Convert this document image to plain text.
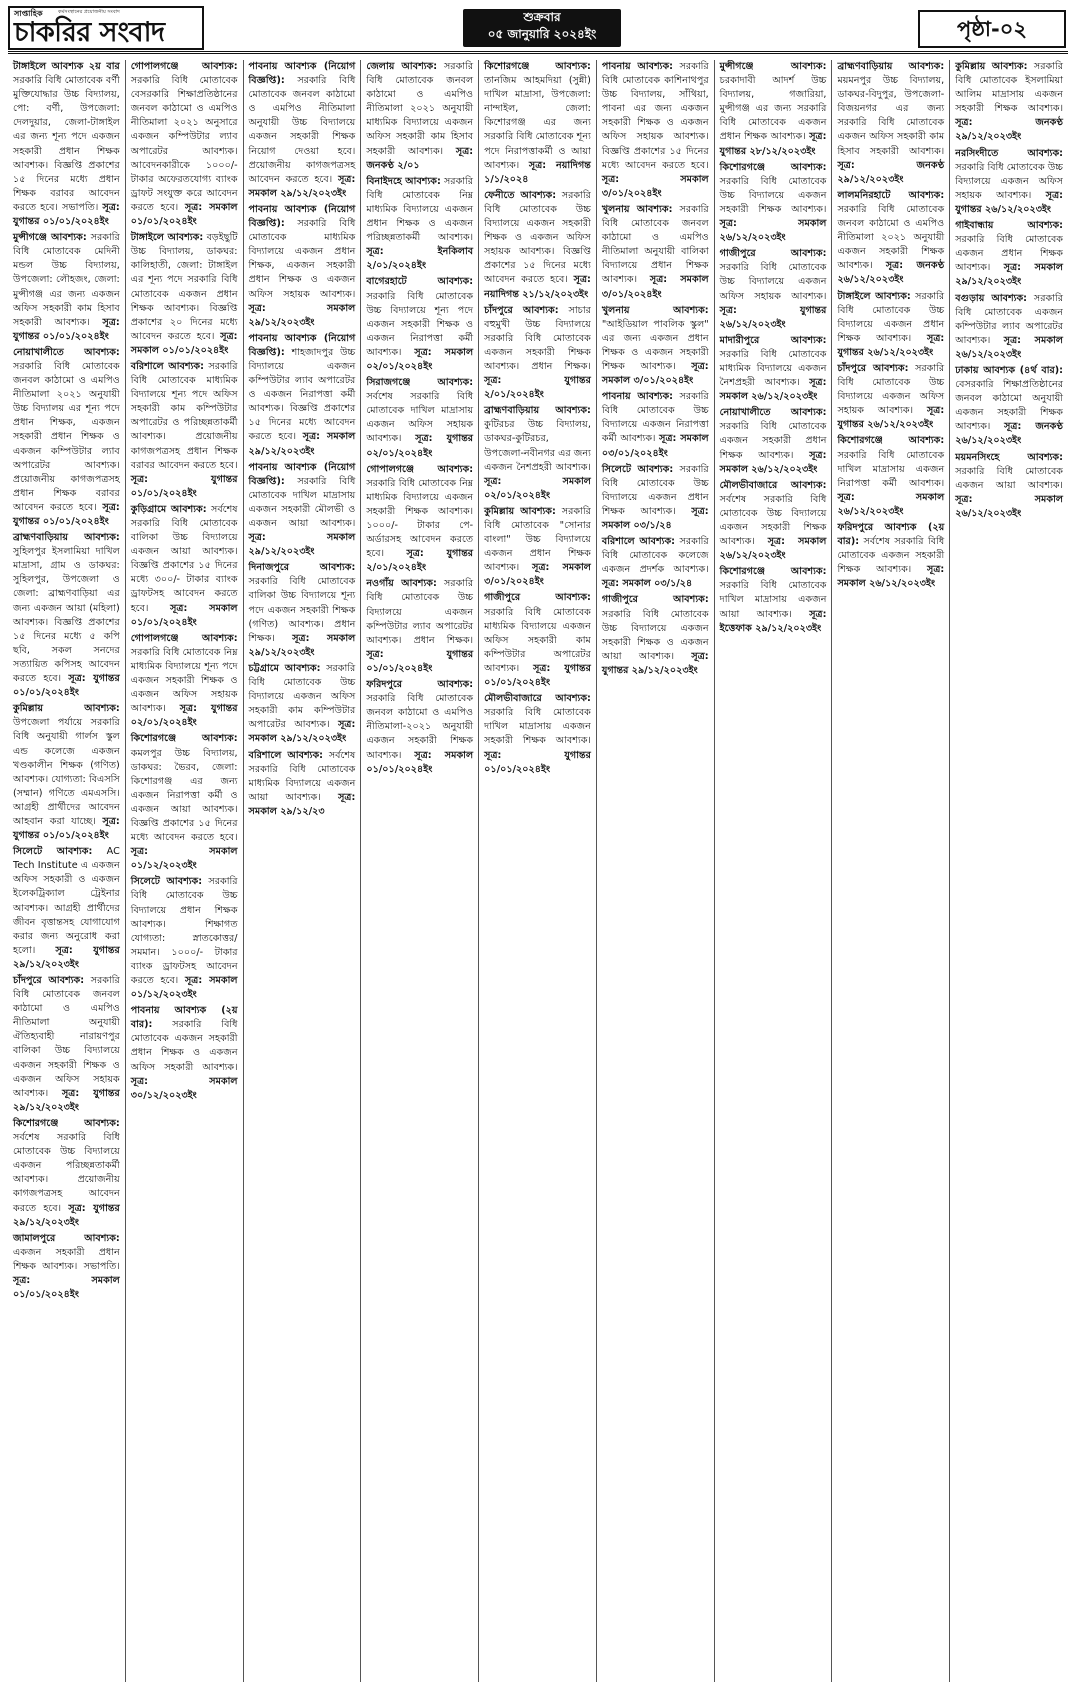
সাপ্তাহিক	কর্মসংস্থানের প্রয়োজনীয় সংবাদ
চাকরির সংবাদ	শুক্রবার
০৫ জানুয়ারি ২০২৪ইং	পৃষ্ঠা-০২
টাঙ্গাইলে আবশ্যক ২য় বার সরকারি বিধি মোতাবেক বর্ণী মুক্তিযোদ্ধার উচ্চ বিদ্যালয়, পো: বর্ণী, উপজেলা: দেলদুয়ার, জেলা-টাঙ্গাইল এর জন্য শূন্য পদে একজন সহকারী প্রধান শিক্ষক আবশ্যক। বিজ্ঞপ্তি প্রকাশের ১৫ দিনের মধ্যে প্রধান শিক্ষক বরাবর আবেদন করতে হবে। সভাপতি। সূত্র: যুগান্তর ০১/০১/২০২৪ইং
মুন্সীগঞ্জে আবশ্যক: সরকারি বিধি মোতাবেক মেদিনী মন্ডল উচ্চ বিদ্যালয়, উপজেলা: লৌহজং, জেলা: মুন্সীগঞ্জ এর জন্য একজন অফিস সহকারী কাম হিসাব সহকারী আবশ্যক। সূত্র: যুগান্তর ০১/০১/২০২৪ইং
নোয়াখালীতে আবশ্যক: সরকারি বিধি মোতাবেক জনবল কাঠামো ও এমপিও নীতিমালা ২০২১ অনুযায়ী উচ্চ বিদ্যালয় এর শূন্য পদে প্রধান শিক্ষক, একজন সহকারী প্রধান শিক্ষক ও একজন কম্পিউটার ল্যাব অপারেটর আবশ্যক। প্রয়োজনীয় কাগজপত্রসহ প্রধান শিক্ষক বরাবর আবেদন করতে হবে। সূত্র: যুগান্তর ০১/০১/২০২৪ইং
ব্রাহ্মণবাড়িয়ায় আবশ্যক: সুহিলপুর ইসলামিয়া দাখিল মাদ্রাসা, গ্রাম ও ডাকঘর: সুহিলপুর, উপজেলা ও জেলা: ব্রাহ্মণবাড়িয়া এর জন্য একজন আয়া (মহিলা) আবশ্যক। বিজ্ঞপ্তি প্রকাশের ১৫ দিনের মধ্যে ৫ কপি ছবি, সকল সনদের সত্যায়িত কপিসহ আবেদন করতে হবে। সূত্র: যুগান্তর ০১/০১/২০২৪ইং
কুমিল্লায় আবশ্যক: উপজেলা পর্যায়ে সরকারি বিধি অনুযায়ী গার্লস স্কুল এন্ড কলেজে একজন খণ্ডকালীন শিক্ষক (গণিত) আবশ্যক। যোগ্যতা: বিএসসি (সম্মান) গণিতে এমএসসি। আগ্রহী প্রার্থীদের আবেদন আহবান করা যাচ্ছে। সূত্র: যুগান্তর ০১/০১/২০২৪ইং
সিলেটে আবশ্যক: AC Tech Institute এ একজন অফিস সহকারী ও একজন ইলেকট্রিক্যাল ট্রেইনার আবশ্যক। আগ্রহী প্রার্থীদের জীবন বৃত্তান্তসহ যোগাযোগ করার জন্য অনুরোধ করা হলো। সূত্র: যুগান্তর ২৯/১২/২০২৩ইং
চাঁদপুরে আবশ্যক: সরকারি বিধি মোতাবেক জনবল কাঠামো ও এমপিও নীতিমালা অনুযায়ী ঐতিহ্যবাহী নারায়ণপুর বালিকা উচ্চ বিদ্যালয়ে একজন সহকারী শিক্ষক ও একজন অফিস সহায়ক আবশ্যক। সূত্র: যুগান্তর ২৯/১২/২০২৩ইং
কিশোরগঞ্জে আবশ্যক: সর্বশেষ সরকারি বিধি মোতাবেক উচ্চ বিদ্যালয়ে একজন পরিচ্ছন্নতাকর্মী আবশ্যক। প্রয়োজনীয় কাগজপত্রসহ আবেদন করতে হবে। সূত্র: যুগান্তর ২৯/১২/২০২৩ইং
জামালপুরে আবশ্যক: একজন সহকারী প্রধান শিক্ষক আবশ্যক। সভাপতি। সূত্র: সমকাল ০১/০১/২০২৪ইং
গোপালগঞ্জে আবশ্যক: সরকারি বিধি মোতাবেক বেসরকারি শিক্ষাপ্রতিষ্ঠানের জনবল কাঠামো ও এমপিও নীতিমালা ২০২১ অনুসারে একজন কম্পিউটার ল্যাব অপারেটর আবশ্যক। আবেদনকারীকে ১০০০/- টাকার অফেরতযোগ্য ব্যাংক ড্রাফট সংযুক্ত করে আবেদন করতে হবে। সূত্র: সমকাল ০১/০১/২০২৪ইং
টাঙ্গাইলে আবশ্যক: বড়ইছুটি উচ্চ বিদ্যালয়, ডাকঘর: কালিহাতী, জেলা: টাঙ্গাইল এর শূন্য পদে সরকারি বিধি মোতাবেক একজন প্রধান শিক্ষক আবশ্যক। বিজ্ঞপ্তি প্রকাশের ২০ দিনের মধ্যে আবেদন করতে হবে। সূত্র: সমকাল ০১/০১/২০২৪ইং
বরিশালে আবশ্যক: সরকারি বিধি মোতাবেক মাধ্যমিক বিদ্যালয়ে শূন্য পদে অফিস সহকারী কাম কম্পিউটার অপারেটর ও পরিচ্ছন্নতাকর্মী আবশ্যক। প্রয়োজনীয় কাগজপত্রসহ প্রধান শিক্ষক বরাবর আবেদন করতে হবে। সূত্র: যুগান্তর ০১/০১/২০২৪ইং
কুড়িগ্রামে আবশ্যক: সর্বশেষ সরকারি বিধি মোতাবেক বালিকা উচ্চ বিদ্যালয়ে একজন আয়া আবশ্যক। বিজ্ঞপ্তি প্রকাশের ১৫ দিনের মধ্যে ৩০০/- টাকার ব্যাংক ড্রাফটসহ আবেদন করতে হবে। সূত্র: সমকাল ০১/০১/২০২৪ইং
গোপালগঞ্জে আবশ্যক: সরকারি বিধি মোতাবেক নিম্ন মাধ্যমিক বিদ্যালয়ে শূন্য পদে একজন সহকারী শিক্ষক ও একজন অফিস সহায়ক আবশ্যক। সূত্র: যুগান্তর ০২/০১/২০২৪ইং
কিশোরগঞ্জে আবশ্যক: কমলপুর উচ্চ বিদ্যালয়, ডাকঘর: ভৈরব, জেলা: কিশোরগঞ্জ এর জন্য একজন নিরাপত্তা কর্মী ও একজন আয়া আবশ্যক। বিজ্ঞপ্তি প্রকাশের ১৫ দিনের মধ্যে আবেদন করতে হবে। সূত্র: সমকাল ০১/১২/২০২৩ইং
সিলেটে আবশ্যক: সরকারি বিধি মোতাবেক উচ্চ বিদ্যালয়ে প্রধান শিক্ষক আবশ্যক। শিক্ষাগত যোগ্যতা: স্নাতকোত্তর/সমমান। ১০০০/- টাকার ব্যাংক ড্রাফটসহ আবেদন করতে হবে। সূত্র: সমকাল ০১/১২/২০২৩ইং
পাবনায় আবশ্যক (২য় বার): সরকারি বিধি মোতাবেক একজন সহকারী প্রধান শিক্ষক ও একজন অফিস সহকারী আবশ্যক। সূত্র: সমকাল ৩০/১২/২০২৩ইং
পাবনায় আবশ্যক (নিয়োগ বিজ্ঞপ্তি): সরকারি বিধি মোতাবেক জনবল কাঠামো ও এমপিও নীতিমালা অনুযায়ী উচ্চ বিদ্যালয়ে একজন সহকারী শিক্ষক নিয়োগ দেওয়া হবে। প্রয়োজনীয় কাগজপত্রসহ আবেদন করতে হবে। সূত্র: সমকাল ২৯/১২/২০২৩ইং
পাবনায় আবশ্যক (নিয়োগ বিজ্ঞপ্তি): সরকারি বিধি মোতাবেক মাধ্যমিক বিদ্যালয়ে একজন প্রধান শিক্ষক, একজন সহকারী প্রধান শিক্ষক ও একজন অফিস সহায়ক আবশ্যক। সূত্র: সমকাল ২৯/১২/২০২৩ইং
পাবনায় আবশ্যক (নিয়োগ বিজ্ঞপ্তি): শাহজাদপুর উচ্চ বিদ্যালয়ে একজন কম্পিউটার ল্যাব অপারেটর ও একজন নিরাপত্তা কর্মী আবশ্যক। বিজ্ঞপ্তি প্রকাশের ১৫ দিনের মধ্যে আবেদন করতে হবে। সূত্র: সমকাল ২৯/১২/২০২৩ইং
পাবনায় আবশ্যক (নিয়োগ বিজ্ঞপ্তি): সরকারি বিধি মোতাবেক দাখিল মাদ্রাসায় একজন সহকারী মৌলভী ও একজন আয়া আবশ্যক। সূত্র: সমকাল ২৯/১২/২০২৩ইং
দিনাজপুরে আবশ্যক: সরকারি বিধি মোতাবেক বালিকা উচ্চ বিদ্যালয়ে শূন্য পদে একজন সহকারী শিক্ষক (গণিত) আবশ্যক। প্রধান শিক্ষক। সূত্র: সমকাল ২৯/১২/২০২৩ইং
চট্টগ্রামে আবশ্যক: সরকারি বিধি মোতাবেক উচ্চ বিদ্যালয়ে একজন অফিস সহকারী কাম কম্পিউটার অপারেটর আবশ্যক। সূত্র: সমকাল ২৯/১২/২০২৩ইং
বরিশালে আবশ্যক: সর্বশেষ সরকারি বিধি মোতাবেক মাধ্যমিক বিদ্যালয়ে একজন আয়া আবশ্যক। সূত্র: সমকাল ২৯/১২/২৩
জেলায় আবশ্যক: সরকারি বিধি মোতাবেক জনবল কাঠামো ও এমপিও নীতিমালা ২০২১ অনুযায়ী মাধ্যমিক বিদ্যালয়ে একজন অফিস সহকারী কাম হিসাব সহকারী আবশ্যক। সূত্র: জনকণ্ঠ ২/০১
বিনাইদহে আবশ্যক: সরকারি বিধি মোতাবেক নিম্ন মাধ্যমিক বিদ্যালয়ে একজন প্রধান শিক্ষক ও একজন পরিচ্ছন্নতাকর্মী আবশ্যক। সূত্র: ইনকিলাব ২/০১/২০২৪ইং
বাগেরহাটে আবশ্যক: সরকারি বিধি মোতাবেক উচ্চ বিদ্যালয়ে শূন্য পদে একজন সহকারী শিক্ষক ও একজন নিরাপত্তা কর্মী আবশ্যক। সূত্র: সমকাল ০২/০১/২০২৪ইং
সিরাজগঞ্জে আবশ্যক: সর্বশেষ সরকারি বিধি মোতাবেক দাখিল মাদ্রাসায় একজন অফিস সহায়ক আবশ্যক। সূত্র: যুগান্তর ০২/০১/২০২৪ইং
গোপালগঞ্জে আবশ্যক: সরকারি বিধি মোতাবেক নিম্ন মাধ্যমিক বিদ্যালয়ে একজন সহকারী শিক্ষক আবশ্যক। ১০০০/- টাকার পে-অর্ডারসহ আবেদন করতে হবে। সূত্র: যুগান্তর ২/০১/২০২৪ইং
নওগাঁয় আবশ্যক: সরকারি বিধি মোতাবেক উচ্চ বিদ্যালয়ে একজন কম্পিউটার ল্যাব অপারেটর আবশ্যক। প্রধান শিক্ষক। সূত্র: যুগান্তর ০১/০১/২০২৪ইং
ফরিদপুরে আবশ্যক: সরকারি বিধি মোতাবেক জনবল কাঠামো ও এমপিও নীতিমালা-২০২১ অনুযায়ী একজন সহকারী শিক্ষক আবশ্যক। সূত্র: সমকাল ০১/০১/২০২৪ইং
কিশোরগঞ্জে আবশ্যক: তানজিম আহমদিয়া (সুন্নী) দাখিল মাদ্রাসা, উপজেলা: নান্দাইল, জেলা: কিশোরগঞ্জ এর জন্য সরকারি বিধি মোতাবেক শূন্য পদে নিরাপত্তাকর্মী ও আয়া আবশ্যক। সূত্র: নয়াদিগন্ত ১/১/২০২৪
ফেনীতে আবশ্যক: সরকারি বিধি মোতাবেক উচ্চ বিদ্যালয়ে একজন সহকারী শিক্ষক ও একজন অফিস সহায়ক আবশ্যক। বিজ্ঞপ্তি প্রকাশের ১৫ দিনের মধ্যে আবেদন করতে হবে। সূত্র: নয়াদিগন্ত ২১/১২/২০২৩ইং
চাঁদপুরে আবশ্যক: সাচার বহুমুখী উচ্চ বিদ্যালয়ে সরকারি বিধি মোতাবেক একজন সহকারী শিক্ষক আবশ্যক। প্রধান শিক্ষক। সূত্র: যুগান্তর ২/০১/২০২৪ইং
ব্রাহ্মণবাড়িয়ায় আবশ্যক: কুটিরচর উচ্চ বিদ্যালয়, ডাকঘর-কুটিরচর, উপজেলা-নবীনগর এর জন্য একজন নৈশপ্রহরী আবশ্যক। সূত্র: সমকাল ০২/০১/২০২৪ইং
কুমিল্লায় আবশ্যক: সরকারি বিধি মোতাবেক "সোনার বাংলা" উচ্চ বিদ্যালয়ে একজন প্রধান শিক্ষক আবশ্যক। সূত্র: সমকাল ৩/০১/২০২৪ইং
গাজীপুরে আবশ্যক: সরকারি বিধি মোতাবেক মাধ্যমিক বিদ্যালয়ে একজন অফিস সহকারী কাম কম্পিউটার অপারেটর আবশ্যক। সূত্র: যুগান্তর ০১/০১/২০২৪ইং
মৌলভীবাজারে আবশ্যক: সরকারি বিধি মোতাবেক দাখিল মাদ্রাসায় একজন সহকারী শিক্ষক আবশ্যক। সূত্র: যুগান্তর ০১/০১/২০২৪ইং
পাবনায় আবশ্যক: সরকারি বিধি মোতাবেক কাশিনাথপুর উচ্চ বিদ্যালয়, সাঁথিয়া, পাবনা এর জন্য একজন সহকারী শিক্ষক ও একজন অফিস সহায়ক আবশ্যক। বিজ্ঞপ্তি প্রকাশের ১৫ দিনের মধ্যে আবেদন করতে হবে। সূত্র: সমকাল ৩/০১/২০২৪ইং
খুলনায় আবশ্যক: সরকারি বিধি মোতাবেক জনবল কাঠামো ও এমপিও নীতিমালা অনুযায়ী বালিকা বিদ্যালয়ে প্রধান শিক্ষক আবশ্যক। সূত্র: সমকাল ৩/০১/২০২৪ইং
খুলনায় আবশ্যক: "আইডিয়াল পাবলিক স্কুল" এর জন্য একজন প্রধান শিক্ষক ও একজন সহকারী শিক্ষক আবশ্যক। সূত্র: সমকাল ৩/০১/২০২৪ইং
পাবনায় আবশ্যক: সরকারি বিধি মোতাবেক উচ্চ বিদ্যালয়ে একজন নিরাপত্তা কর্মী আবশ্যক। সূত্র: সমকাল ০৩/০১/২০২৪ইং
সিলেটে আবশ্যক: সরকারি বিধি মোতাবেক উচ্চ বিদ্যালয়ে একজন প্রধান শিক্ষক আবশ্যক। সূত্র: সমকাল ০৩/১/২৪
বরিশালে আবশ্যক: সরকারি বিধি মোতাবেক কলেজে একজন প্রদর্শক আবশ্যক। সূত্র: সমকাল ০৩/১/২৪
গাজীপুরে আবশ্যক: সরকারি বিধি মোতাবেক উচ্চ বিদ্যালয়ে একজন সহকারী শিক্ষক ও একজন আয়া আবশ্যক। সূত্র: যুগান্তর ২৯/১২/২০২৩ইং
মুন্সীগঞ্জে আবশ্যক: চরকাদাবী আদর্শ উচ্চ বিদ্যালয়, গজারিয়া, মুন্সীগঞ্জ এর জন্য সরকারি বিধি মোতাবেক একজন প্রধান শিক্ষক আবশ্যক। সূত্র: যুগান্তর ২৮/১২/২০২৩ইং
কিশোরগঞ্জে আবশ্যক: সরকারি বিধি মোতাবেক উচ্চ বিদ্যালয়ে একজন সহকারী শিক্ষক আবশ্যক। সূত্র: সমকাল ২৬/১২/২০২৩ইং
গাজীপুরে আবশ্যক: সরকারি বিধি মোতাবেক উচ্চ বিদ্যালয়ে একজন অফিস সহায়ক আবশ্যক। সূত্র: যুগান্তর ২৬/১২/২০২৩ইং
মাদারীপুরে আবশ্যক: সরকারি বিধি মোতাবেক মাধ্যমিক বিদ্যালয়ে একজন নৈশপ্রহরী আবশ্যক। সূত্র: সমকাল ২৬/১২/২০২৩ইং
নোয়াখালীতে আবশ্যক: সরকারি বিধি মোতাবেক একজন সহকারী প্রধান শিক্ষক আবশ্যক। সূত্র: সমকাল ২৬/১২/২০২৩ইং
মৌলভীবাজারে আবশ্যক: সর্বশেষ সরকারি বিধি মোতাবেক উচ্চ বিদ্যালয়ে একজন সহকারী শিক্ষক আবশ্যক। সূত্র: সমকাল ২৬/১২/২০২৩ইং
কিশোরগঞ্জে আবশ্যক: সরকারি বিধি মোতাবেক দাখিল মাদ্রাসায় একজন আয়া আবশ্যক। সূত্র: ইত্তেফাক ২৯/১২/২০২৩ইং
ব্রাহ্মণবাড়িয়ায় আবশ্যক: ময়মনপুর উচ্চ বিদ্যালয়, ডাকঘর-বিদুপুর, উপজেলা-বিজয়নগর এর জন্য সরকারি বিধি মোতাবেক একজন অফিস সহকারী কাম হিসাব সহকারী আবশ্যক। সূত্র: জনকণ্ঠ ২৯/১২/২০২৩ইং
লালমনিরহাটে আবশ্যক: সরকারি বিধি মোতাবেক জনবল কাঠামো ও এমপিও নীতিমালা ২০২১ অনুযায়ী একজন সহকারী শিক্ষক আবশ্যক। সূত্র: জনকণ্ঠ ২৬/১২/২০২৩ইং
টাঙ্গাইলে আবশ্যক: সরকারি বিধি মোতাবেক উচ্চ বিদ্যালয়ে একজন প্রধান শিক্ষক আবশ্যক। সূত্র: যুগান্তর ২৬/১২/২০২৩ইং
চাঁদপুরে আবশ্যক: সরকারি বিধি মোতাবেক উচ্চ বিদ্যালয়ে একজন অফিস সহায়ক আবশ্যক। সূত্র: যুগান্তর ২৬/১২/২০২৩ইং
কিশোরগঞ্জে আবশ্যক: সরকারি বিধি মোতাবেক দাখিল মাদ্রাসায় একজন নিরাপত্তা কর্মী আবশ্যক। সূত্র: সমকাল ২৬/১২/২০২৩ইং
ফরিদপুরে আবশ্যক (২য় বার): সর্বশেষ সরকারি বিধি মোতাবেক একজন সহকারী শিক্ষক আবশ্যক। সূত্র: সমকাল ২৬/১২/২০২৩ইং
কুমিল্লায় আবশ্যক: সরকারি বিধি মোতাবেক ইসলামিয়া আলিম মাদ্রাসায় একজন সহকারী শিক্ষক আবশ্যক। সূত্র: জনকণ্ঠ ২৯/১২/২০২৩ইং
নরসিংদীতে আবশ্যক: সরকারি বিধি মোতাবেক উচ্চ বিদ্যালয়ে একজন অফিস সহায়ক আবশ্যক। সূত্র: যুগান্তর ২৬/১২/২০২৩ইং
গাইবান্ধায় আবশ্যক: সরকারি বিধি মোতাবেক একজন প্রধান শিক্ষক আবশ্যক। সূত্র: সমকাল ২৯/১২/২০২৩ইং
বগুড়ায় আবশ্যক: সরকারি বিধি মোতাবেক একজন কম্পিউটার ল্যাব অপারেটর আবশ্যক। সূত্র: সমকাল ২৬/১২/২০২৩ইং
ঢাকায় আবশ্যক (৪র্থ বার): বেসরকারি শিক্ষাপ্রতিষ্ঠানের জনবল কাঠামো অনুযায়ী একজন সহকারী শিক্ষক আবশ্যক। সূত্র: জনকণ্ঠ ২৬/১২/২০২৩ইং
ময়মনসিংহে আবশ্যক: সরকারি বিধি মোতাবেক একজন আয়া আবশ্যক। সূত্র: সমকাল ২৬/১২/২০২৩ইং
